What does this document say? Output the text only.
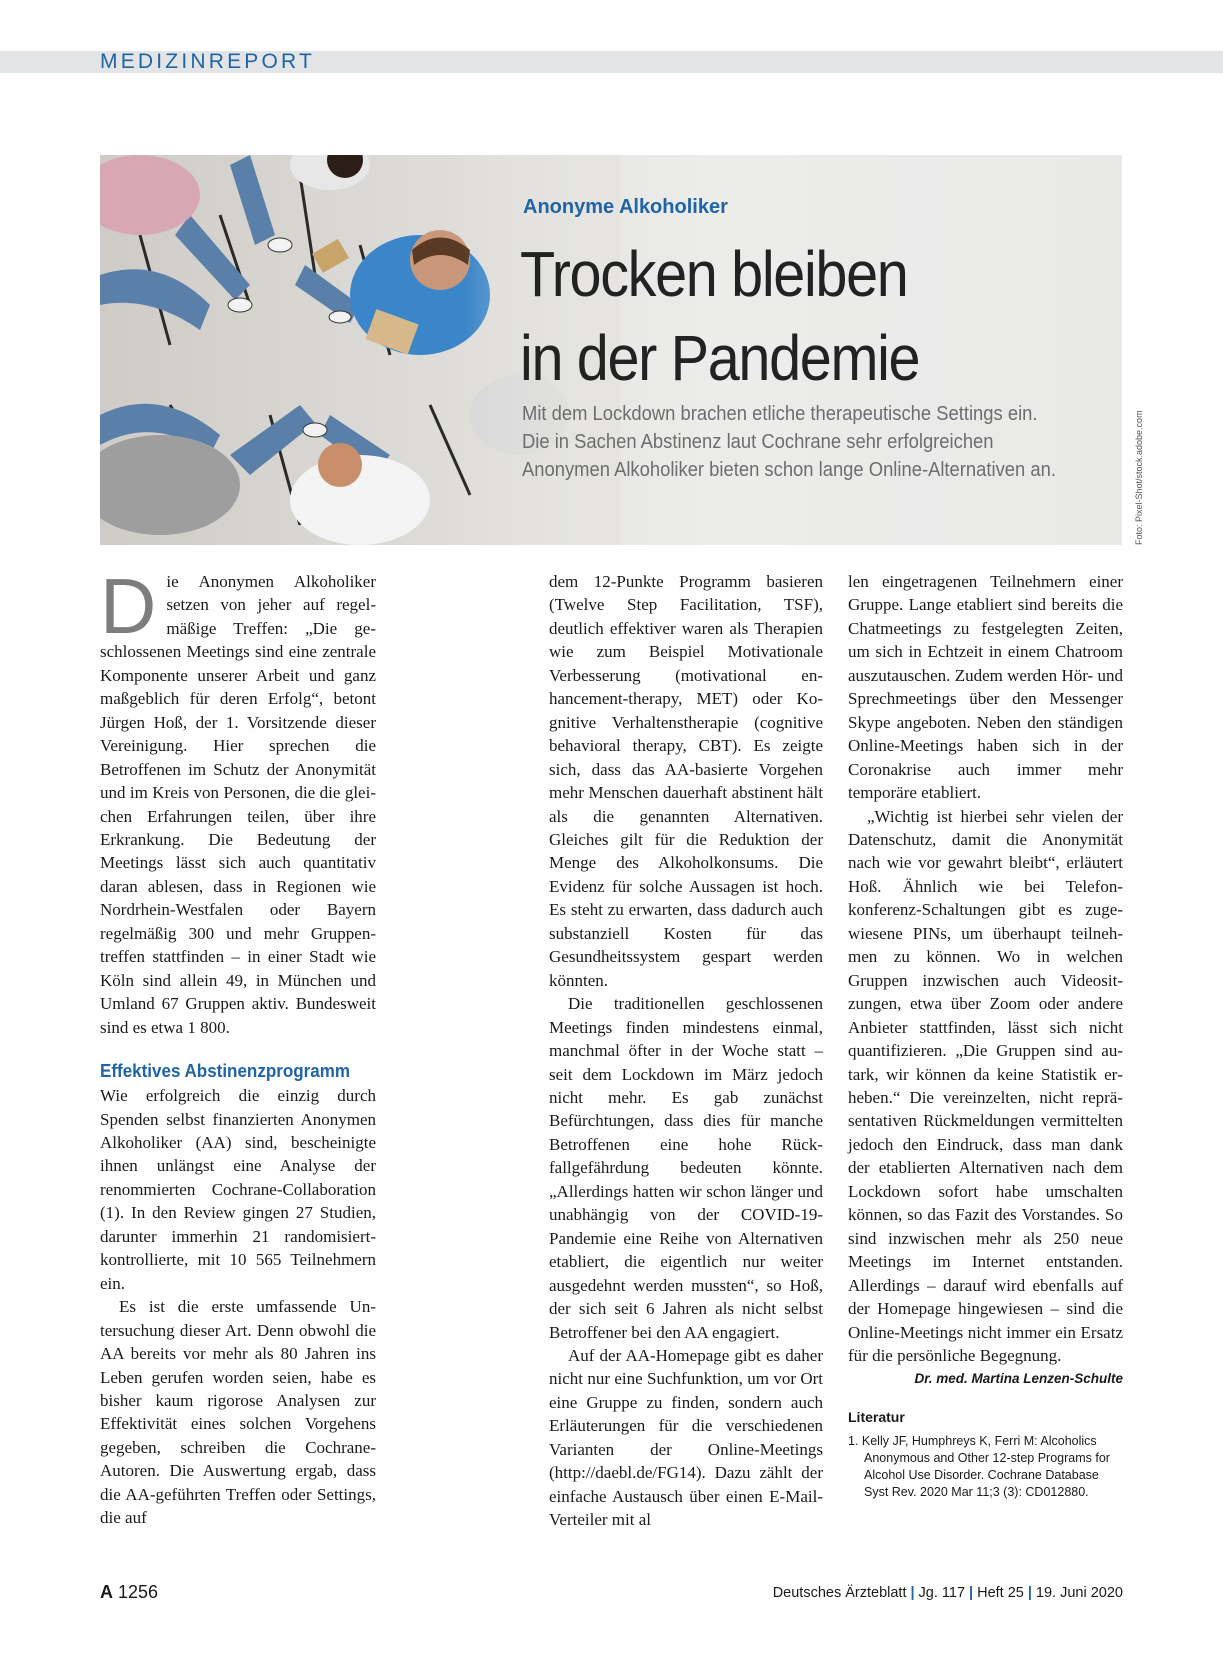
MEDIZINREPORT
Anonyme Alkoholiker
Trocken bleiben
in der Pandemie
Mit dem Lockdown brachen etliche therapeutische Settings ein.
Die in Sachen Abstinenz laut Cochrane sehr erfolgreichen
Anonymen Alkoholiker bieten schon lange Online-Alternativen an.	Foto: Pixel-Shot/stock.adobe.com

Die Anonymen Alkoholiker setzen von jeher auf regelmäßige Treffen: „Die geschlossenen Meetings sind eine zentrale Komponente unserer Arbeit und ganz maßgeblich für deren Erfolg“, betont Jürgen Hoß, der 1. Vorsitzende dieser Vereinigung. Hier sprechen die Betroffenen im Schutz der Anonymität und im Kreis von Personen, die die gleichen Erfahrungen teilen, über ihre Erkrankung. Die Bedeutung der Meetings lässt sich auch quantitativ daran ablesen, dass in Regionen wie Nordrhein-Westfalen oder Bayern regelmäßig 300 und mehr Gruppentreffen stattfinden – in einer Stadt wie Köln sind allein 49, in München und Umland 67 Gruppen aktiv. Bundesweit sind es etwa 1 800.

Effektives Abstinenzprogramm

Wie erfolgreich die einzig durch Spenden selbst finanzierten Anonymen Alkoholiker (AA) sind, bescheinigte ihnen unlängst eine Analyse der renommierten Cochrane-Collaboration (1). In den Review gingen 27 Studien, darunter immerhin 21 randomisiert-kontrollierte, mit 10 565 Teilnehmern ein.

Es ist die erste umfassende Untersuchung dieser Art. Denn obwohl die AA bereits vor mehr als 80 Jahren ins Leben gerufen worden seien, habe es bisher kaum rigorose Analysen zur Effektivität eines solchen Vorgehens gegeben, schreiben die Cochrane-Autoren. Die Auswertung ergab, dass die AA-geführten Treffen oder Settings, die auf

dem 12-Punkte Programm basieren (Twelve Step Facilitation, TSF), deutlich effektiver waren als Therapien wie zum Beispiel Motivationale Verbesserung (motivational enhancement-therapy, MET) oder Kognitive Verhaltenstherapie (cognitive behavioral therapy, CBT). Es zeigte sich, dass das AA-basierte Vorgehen mehr Menschen dauerhaft abstinent hält als die genannten Alternativen. Gleiches gilt für die Reduktion der Menge des Alkoholkonsums. Die Evidenz für solche Aussagen ist hoch. Es steht zu erwarten, dass dadurch auch substanziell Kosten für das Gesundheitssystem gespart werden könnten.

Die traditionellen geschlossenen Meetings finden mindestens einmal, manchmal öfter in der Woche statt – seit dem Lockdown im März jedoch nicht mehr. Es gab zunächst Befürchtungen, dass dies für manche Betroffenen eine hohe Rückfallgefährdung bedeuten könnte. „Allerdings hatten wir schon länger und unabhängig von der COVID-19-Pandemie eine Reihe von Alternativen etabliert, die eigentlich nur weiter ausgedehnt werden mussten“, so Hoß, der sich seit 6 Jahren als nicht selbst Betroffener bei den AA engagiert.

Auf der AA-Homepage gibt es daher nicht nur eine Suchfunktion, um vor Ort eine Gruppe zu finden, sondern auch Erläuterungen für die verschiedenen Varianten der Online-Meetings (http://daebl.de/FG14). Dazu zählt der einfache Austausch über einen E-Mail-Verteiler mit al

len eingetragenen Teilnehmern einer Gruppe. Lange etabliert sind bereits die Chatmeetings zu festgelegten Zeiten, um sich in Echtzeit in einem Chatroom auszutauschen. Zudem werden Hör- und Sprechmeetings über den Messenger Skype angeboten. Neben den ständigen Online-Meetings haben sich in der Coronakrise auch immer mehr temporäre etabliert.

„Wichtig ist hierbei sehr vielen der Datenschutz, damit die Anonymität nach wie vor gewahrt bleibt“, erläutert Hoß. Ähnlich wie bei Telefonkonferenz-Schaltungen gibt es zugewiesene PINs, um überhaupt teilnehmen zu können. Wo in welchen Gruppen inzwischen auch Videositzungen, etwa über Zoom oder andere Anbieter stattfinden, lässt sich nicht quantifizieren. „Die Gruppen sind autark, wir können da keine Statistik erheben.“ Die vereinzelten, nicht repräsentativen Rückmeldungen vermittelten jedoch den Eindruck, dass man dank der etablierten Alternativen nach dem Lockdown sofort habe umschalten können, so das Fazit des Vorstandes. So sind inzwischen mehr als 250 neue Meetings im Internet entstanden. Allerdings – darauf wird ebenfalls auf der Homepage hingewiesen – sind die Online-Meetings nicht immer ein Ersatz für die persönliche Begegnung.

Dr. med. Martina Lenzen-Schulte
Literatur
1. Kelly JF, Humphreys K, Ferri M: Alcoholics Anonymous and Other 12-step Programs for Alcohol Use Disorder. Cochrane Database Syst Rev. 2020 Mar 11;3 (3): CD012880.
A 1256	Deutsches Ärzteblatt | Jg. 117 | Heft 25 | 19. Juni 2020
